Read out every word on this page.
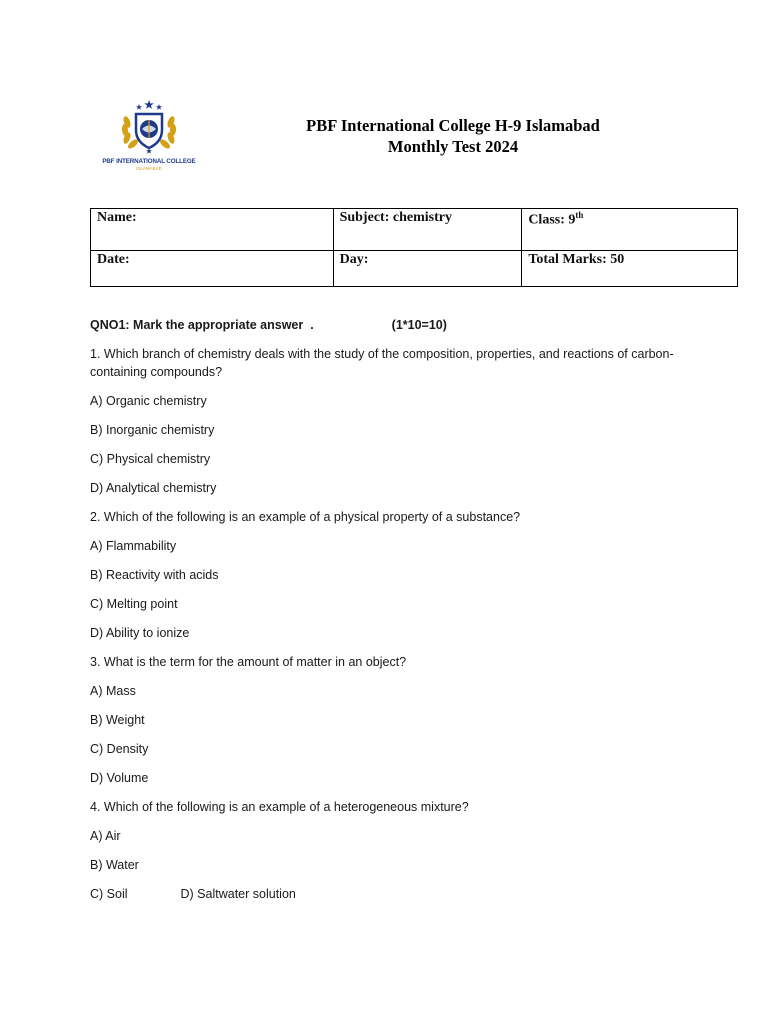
PBF INTERNATIONAL COLLEGE
ISLAMABAD
PBF International College H-9 Islamabad
Monthly Test 2024
Name:	Subject: chemistry	Class: 9th
Date:	Day:	Total Marks: 50
QNO1: Mark the appropriate answer  .	(1*10=10)
1. Which branch of chemistry deals with the study of the composition, properties, and reactions of carbon-containing compounds?
A) Organic chemistry
B) Inorganic chemistry
C) Physical chemistry
D) Analytical chemistry
2. Which of the following is an example of a physical property of a substance?
A) Flammability
B) Reactivity with acids
C) Melting point
D) Ability to ionize
3. What is the term for the amount of matter in an object?
A) Mass
B) Weight
C) Density
D) Volume
4. Which of the following is an example of a heterogeneous mixture?
A) Air
B) Water
C) Soil	D) Saltwater solution
